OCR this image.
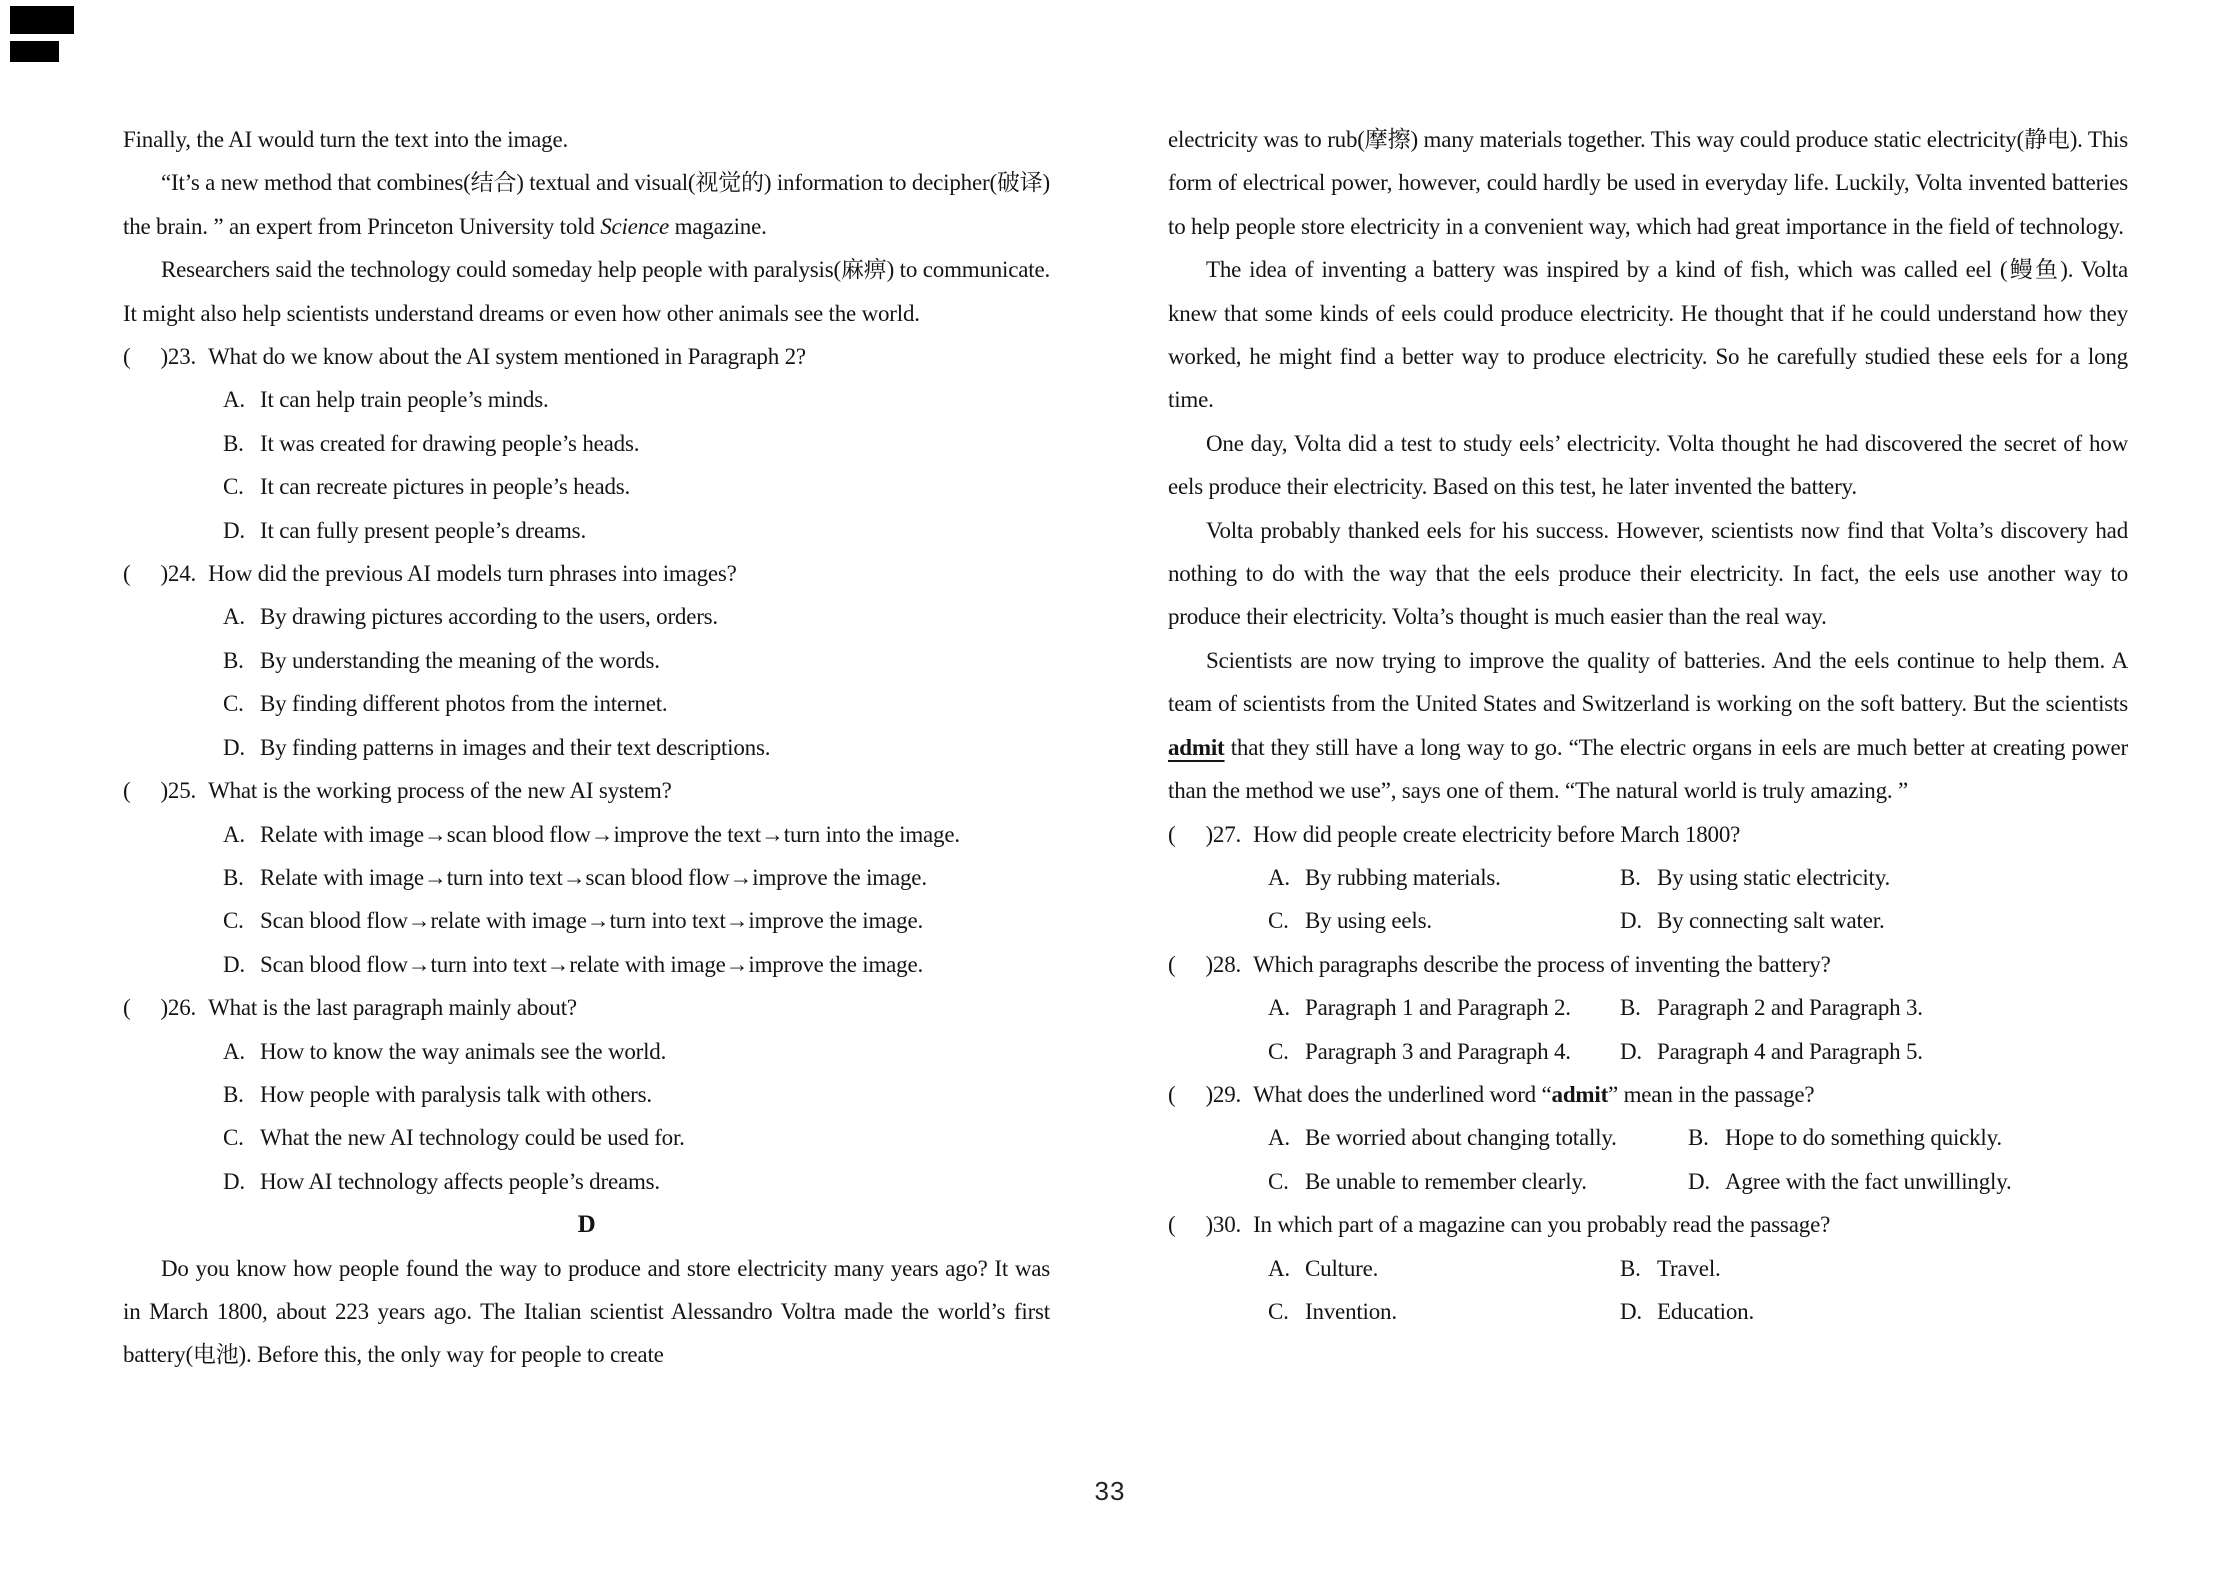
Finally, the AI would turn the text into the image.

“It’s a new method that combines(结合) textual and visual(视觉的) information to decipher(破译) the brain. ” an expert from Princeton University told Science magazine.

Researchers said the technology could someday help people with paralysis(麻痹) to communicate. It might also help scientists understand dreams or even how other animals see the world.

( )23. What do we know about the AI system mentioned in Paragraph 2?
A. It can help train people’s minds.
B. It was created for drawing people’s heads.
C. It can recreate pictures in people’s heads.
D. It can fully present people’s dreams.
( )24. How did the previous AI models turn phrases into images?
A. By drawing pictures according to the users, orders.
B. By understanding the meaning of the words.
C. By finding different photos from the internet.
D. By finding patterns in images and their text descriptions.
( )25. What is the working process of the new AI system?
A. Relate with image→scan blood flow→improve the text→turn into the image.
B. Relate with image→turn into text→scan blood flow→improve the image.
C. Scan blood flow→relate with image→turn into text→improve the image.
D. Scan blood flow→turn into text→relate with image→improve the image.
( )26. What is the last paragraph mainly about?
A. How to know the way animals see the world.
B. How people with paralysis talk with others.
C. What the new AI technology could be used for.
D. How AI technology affects people’s dreams.
D

Do you know how people found the way to produce and store electricity many years ago? It was in March 1800, about 223 years ago. The Italian scientist Alessandro Voltra made the world’s first battery(电池). Before this, the only way for people to create

electricity was to rub(摩擦) many materials together. This way could produce static electricity(静电). This form of electrical power, however, could hardly be used in everyday life. Luckily, Volta invented batteries to help people store electricity in a convenient way, which had great importance in the field of technology.

The idea of inventing a battery was inspired by a kind of fish, which was called eel (鳗鱼). Volta knew that some kinds of eels could produce electricity. He thought that if he could understand how they worked, he might find a better way to produce electricity. So he carefully studied these eels for a long time.

One day, Volta did a test to study eels’ electricity. Volta thought he had discovered the secret of how eels produce their electricity. Based on this test, he later invented the battery.

Volta probably thanked eels for his success. However, scientists now find that Volta’s discovery had nothing to do with the way that the eels produce their electricity. In fact, the eels use another way to produce their electricity. Volta’s thought is much easier than the real way.

Scientists are now trying to improve the quality of batteries. And the eels continue to help them. A team of scientists from the United States and Switzerland is working on the soft battery. But the scientists admit that they still have a long way to go. “The electric organs in eels are much better at creating power than the method we use”, says one of them. “The natural world is truly amazing. ”

( )27. How did people create electricity before March 1800?
A. By rubbing materials.	B. By using static electricity.
C. By using eels.	D. By connecting salt water.
( )28. Which paragraphs describe the process of inventing the battery?
A. Paragraph 1 and Paragraph 2. B. Paragraph 2 and Paragraph 3.
C. Paragraph 3 and Paragraph 4. D. Paragraph 4 and Paragraph 5.
( )29. What does the underlined word “admit” mean in the passage?
A. Be worried about changing totally.	B. Hope to do something quickly.
C. Be unable to remember clearly.	D. Agree with the fact unwillingly.
( )30. In which part of a magazine can you probably read the passage?
A. Culture.	B. Travel.
C. Invention.	D. Education.
33
